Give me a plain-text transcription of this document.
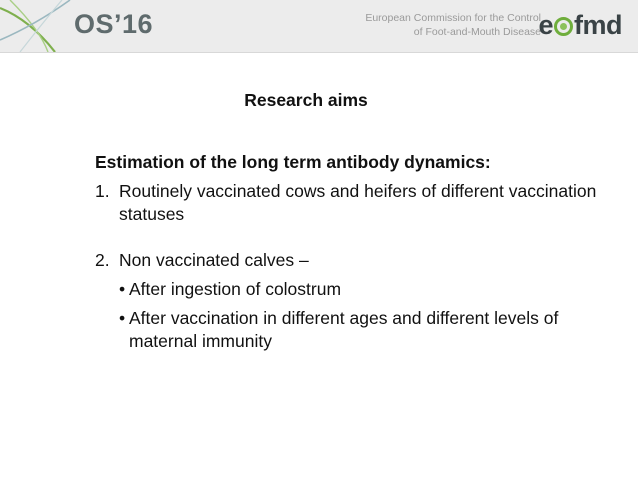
OS’16	European Commission for the Control
of Foot-and-Mouth Disease
e fmd
Research aims

Estimation of the long term antibody dynamics:

1. Routinely vaccinated cows and heifers of different vaccination statuses
2. Non vaccinated calves –
• After ingestion of colostrum
• After vaccination in different ages and different levels of maternal immunity
